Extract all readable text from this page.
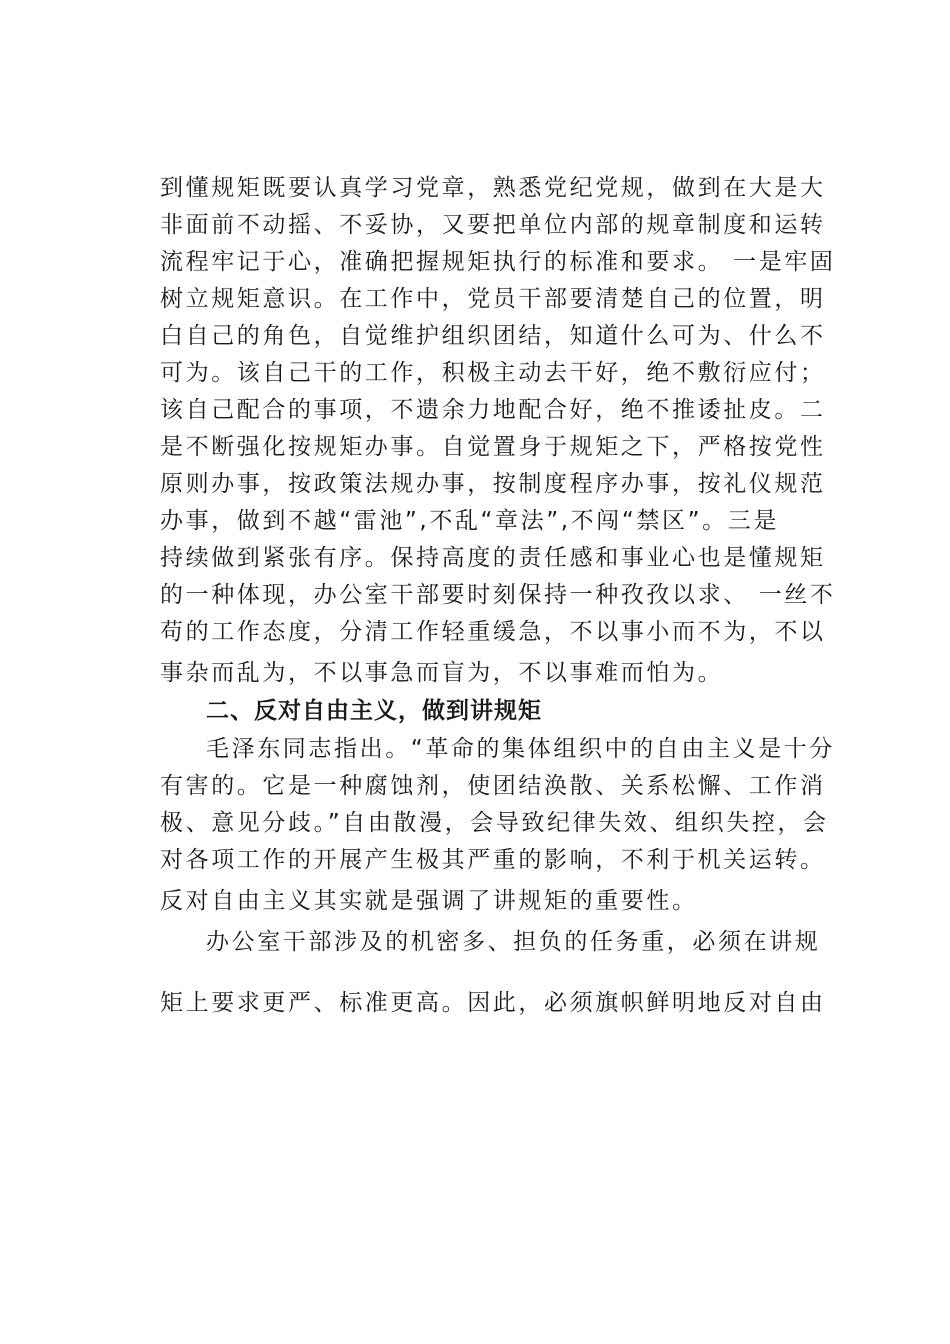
到懂规矩既要认真学习党章，熟悉党纪党规，做到在大是大
非面前不动摇、不妥协，又要把单位内部的规章制度和运转
流程牢记于心，准确把握规矩执行的标准和要求。 一是牢固
树立规矩意识。在工作中，党员干部要清楚自己的位置，明
白自己的角色，自觉维护组织团结，知道什么可为、什么不
可为。该自己干的工作，积极主动去干好，绝不敷衍应付；
该自己配合的事项，不遗余力地配合好，绝不推诿扯皮。二
是不断强化按规矩办事。自觉置身于规矩之下，严格按党性
原则办事，按政策法规办事，按制度程序办事，按礼仪规范
办事，做到不越“雷池”,不乱“章法”,不闯“禁区”。三是
持续做到紧张有序。保持高度的责任感和事业心也是懂规矩
的一种体现，办公室干部要时刻保持一种孜孜以求、 一丝不
苟的工作态度，分清工作轻重缓急，不以事小而不为，不以
事杂而乱为，不以事急而盲为，不以事难而怕为。
二、反对自由主义，做到讲规矩
毛泽东同志指出。“革命的集体组织中的自由主义是十分
有害的。它是一种腐蚀剂，使团结涣散、关系松懈、工作消
极、意见分歧。”自由散漫，会导致纪律失效、组织失控，会
对各项工作的开展产生极其严重的影响，不利于机关运转。
反对自由主义其实就是强调了讲规矩的重要性。
办公室干部涉及的机密多、担负的任务重，必须在讲规
矩上要求更严、标准更高。因此，必须旗帜鲜明地反对自由
